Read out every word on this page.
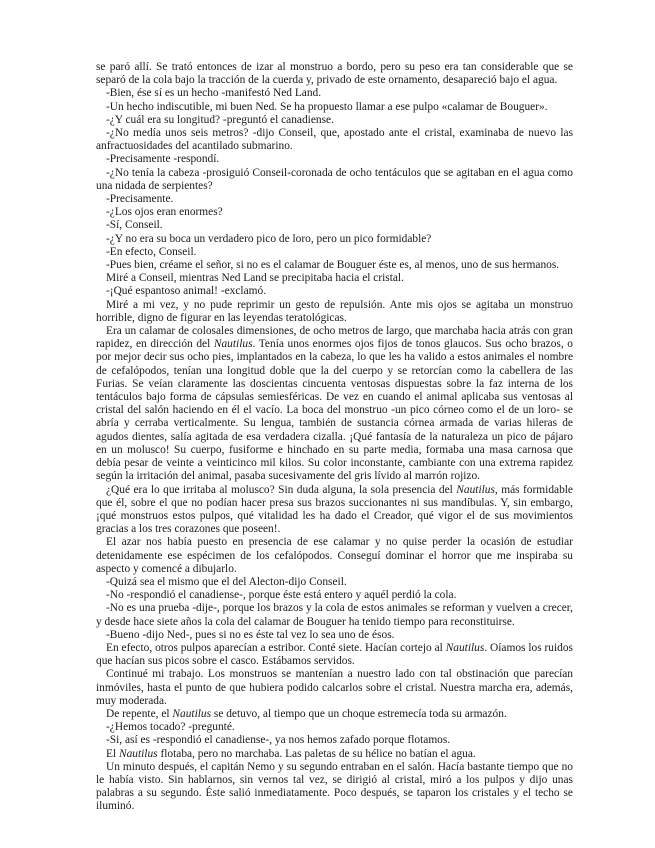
se paró allí. Se trató entonces de izar al monstruo a bordo, pero su peso era tan considerable que se separó de la cola bajo la tracción de la cuerda y, privado de este ornamento, desapareció bajo el agua.

-Bien, ése sí es un hecho -manifestó Ned Land.

-Un hecho indiscutible, mi buen Ned. Se ha propuesto llamar a ese pulpo «calamar de Bouguer».

-¿Y cuál era su longitud? -preguntó el canadiense.

-¿No medía unos seis metros? -dijo Conseil, que, apostado ante el cristal, examinaba de nuevo las anfractuosidades del acantilado submarino.

-Precisamente -respondí.

-¿No tenía la cabeza -prosiguió Conseil-coronada de ocho tentáculos que se agitaban en el agua como una nidada de serpientes?

-Precisamente.

-¿Los ojos eran enormes?

-Sí, Conseil.

-¿Y no era su boca un verdadero pico de loro, pero un pico formidable?

-En efecto, Conseil.

-Pues bien, créame el señor, si no es el calamar de Bouguer éste es, al menos, uno de sus hermanos.

Miré a Conseil, mientras Ned Land se precipitaba hacia el cristal.

-¡Qué espantoso animal! -exclamó.

Miré a mi vez, y no pude reprimir un gesto de repulsión. Ante mis ojos se agitaba un monstruo horrible, digno de figurar en las leyendas teratológicas.

Era un calamar de colosales dimensiones, de ocho metros de largo, que marchaba hacia atrás con gran rapidez, en dirección del Nautilus. Tenía unos enormes ojos fijos de tonos glaucos. Sus ocho brazos, o por mejor decir sus ocho pies, implantados en la cabeza, lo que les ha valido a estos animales el nombre de cefalópodos, tenían una longitud doble que la del cuerpo y se retorcían como la cabellera de las Furias. Se veían claramente las doscientas cincuenta ventosas dispuestas sobre la faz interna de los tentáculos bajo forma de cápsulas semiesféricas. De vez en cuando el animal aplicaba sus ventosas al cristal del salón haciendo en él el vacío. La boca del monstruo -un pico córneo como el de un loro- se abría y cerraba verticalmente. Su lengua, también de sustancia córnea armada de varias hileras de agudos dientes, salía agitada de esa verdadera cizalla. ¡Qué fantasía de la naturaleza un pico de pájaro en un molusco! Su cuerpo, fusiforme e hinchado en su parte media, formaba una masa carnosa que debía pesar de veinte a veinticinco mil kilos. Su color inconstante, cambiante con una extrema rapidez según la irritación del animal, pasaba sucesivamente del gris lívido al marrón rojizo.

¿Qué era lo que irritaba al molusco? Sin duda alguna, la sola presencia del Nautilus, más formidable que él, sobre el que no podían hacer presa sus brazos succionantes ni sus mandíbulas. Y, sin embargo, ¡qué monstruos estos pulpos, qué vitalidad les ha dado el Creador, qué vigor el de sus movimientos gracias a los tres corazones que poseen!.

El azar nos había puesto en presencia de ese calamar y no quise perder la ocasión de estudiar detenidamente ese espécimen de los cefalópodos. Conseguí dominar el horror que me inspiraba su aspecto y comencé a dibujarlo.

-Quizá sea el mismo que el del Alecton-dijo Conseil.

-No -respondió el canadiense-, porque éste está entero y aquél perdió la cola.

-No es una prueba -dije-, porque los brazos y la cola de estos animales se reforman y vuelven a crecer, y desde hace siete años la cola del calamar de Bouguer ha tenido tiempo para reconstituirse.

-Bueno -dijo Ned-, pues si no es éste tal vez lo sea uno de ésos.

En efecto, otros pulpos aparecían a estribor. Conté siete. Hacían cortejo al Nautilus. Oíamos los ruidos que hacían sus picos sobre el casco. Estábamos servidos.

Continué mi trabajo. Los monstruos se mantenían a nuestro lado con tal obstinación que parecían inmóviles, hasta el punto de que hubiera podido calcarlos sobre el cristal. Nuestra marcha era, además, muy moderada.

De repente, el Nautilus se detuvo, al tiempo que un choque estremecía toda su armazón.

-¿Hemos tocado? -pregunté.

-Si, así es -respondió el canadiense-, ya nos hemos zafado porque flotamos.

El Nautilus flotaba, pero no marchaba. Las paletas de su hélice no batían el agua.

Un minuto después, el capitán Nemo y su segundo entraban en el salón. Hacía bastante tiempo que no le había visto. Sin hablarnos, sin vernos tal vez, se dirigió al cristal, miró a los pulpos y dijo unas palabras a su segundo. Éste salió inmediatamente. Poco después, se taparon los cristales y el techo se iluminó.
